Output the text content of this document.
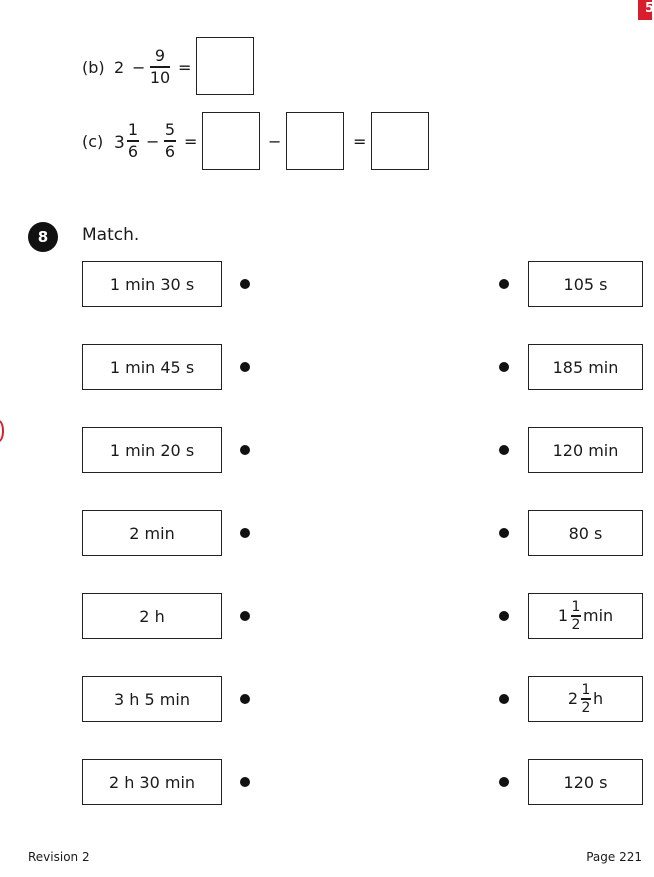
5
(b) 2 −
9
10 =
(c) 3
1
6 −
5
6 =	−	=
8	Match.
1 min 30 s
1 min 45 s
1 min 20 s
2 min
2 h
3 h 5 min
2 h 30 min
105 s
185 min
120 min
80 s
$1 \frac{1}{2}$ min
$2 \frac{1}{2}$ h
120 s
Revision 2	Page 221
